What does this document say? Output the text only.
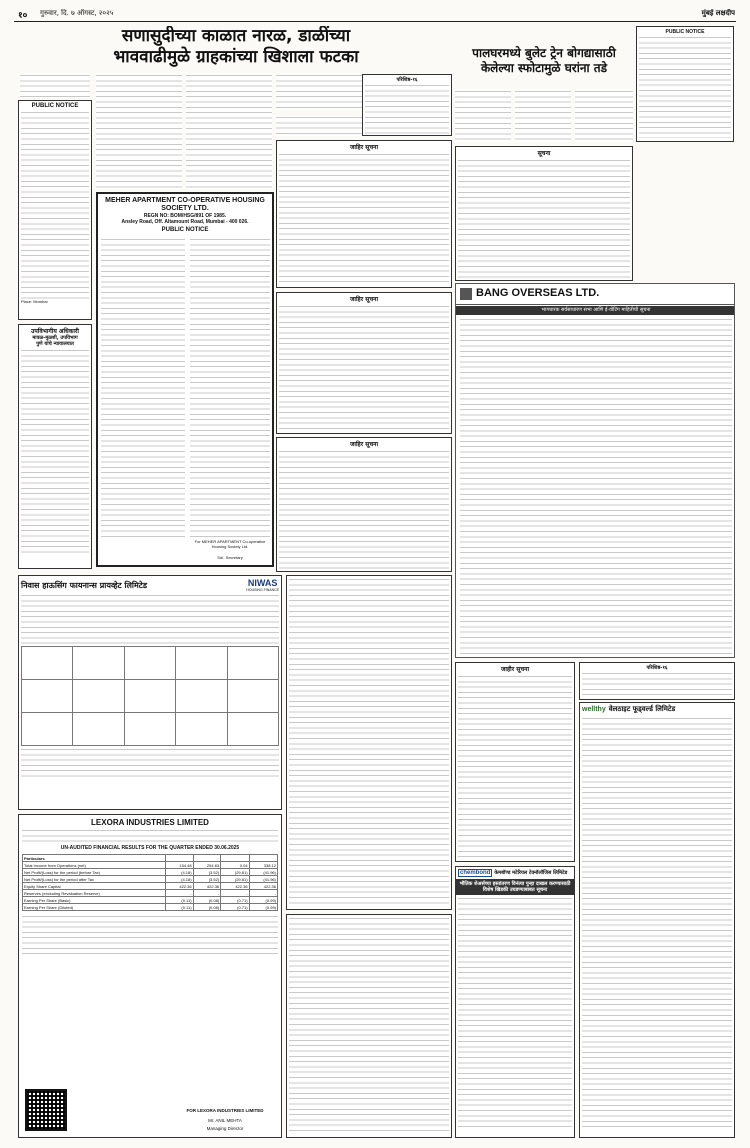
१०	गुरुवार, दि. ७ ऑगस्ट, २०२५	मुंबई लक्षदीप
सणासुदीच्या काळात नारळ, डाळींच्या
भाववाढीमुळे ग्राहकांच्या खिशाला फटका
PUBLIC NOTICE
Place: Mumbai
MEHER APARTMENT CO-OPERATIVE HOUSING SOCIETY LTD.
REGN NO: BOM/HSG/891 OF 1985.
Ansley Road, Off. Altamount Road, Mumbai - 400 026.
PUBLIC NOTICE
For MEHER APARTMENT Co-operative Housing Society Ltd.
Sd/- Secretary
उपविभागीय अधिकारी
मावळ-मुळशी, उपविभाग
पुणे यांचे न्यायालयात
जाहिर सूचना
जाहिर सूचना
जाहिर सूचना
परिशिष्ठ-१६
पालघरमध्ये बुलेट ट्रेन बोगद्यासाठी
केलेल्या स्फोटामुळे घरांना तडे
PUBLIC NOTICE
सूचना
BANG OVERSEAS LTD.
भागधारक सर्वसाधारण सभा आणि ई-वोटिंग माहितीची सूचना
जाहीर सूचना	परिशिष्ठ-१६
wellthy वेलठाइट फूड्वर्ल्ड लिमिटेड
निवास हाऊसिंग फायनान्स प्रायव्हेट लिमिटेड	NIWAS
HOUSING FINANCE

LEXORA INDUSTRIES LIMITED
UN-AUDITED FINANCIAL RESULTS FOR THE QUARTER ENDED 30.06.2025
Particulars				
Total Income from Operations (net)	154.48	254.63	0.04	338.12
Net Profit/(Loss) for the period (before Tax)	(4.18)	(3.52)	(29.81)	(41.96)
Net Profit/(Loss) for the period after Tax	(4.18)	(3.52)	(29.81)	(41.96)
Equity Share Capital	422.36	422.36	422.36	422.36
Reserves (excluding Revaluation Reserve)	-	-	-	-
Earning Per Share (Basic)	(0.11)	(0.08)	(0.71)	(0.99)
Earning Per Share (Diluted)	(0.11)	(0.08)	(0.71)	(0.99)
FOR LEXORA INDUSTRIES LIMITED
Mr. ANIL MEHTA
Managing Director
chembond केमबॉण्ड मटेरियल टेक्नॉलॉजिस लिमिटेड
भौतिक शेअर्सच्या हस्तांतरण विनंत्या पुन्हा दाखल करण्यासाठी विशेष खिडकी उघडण्याबाबत सूचना
